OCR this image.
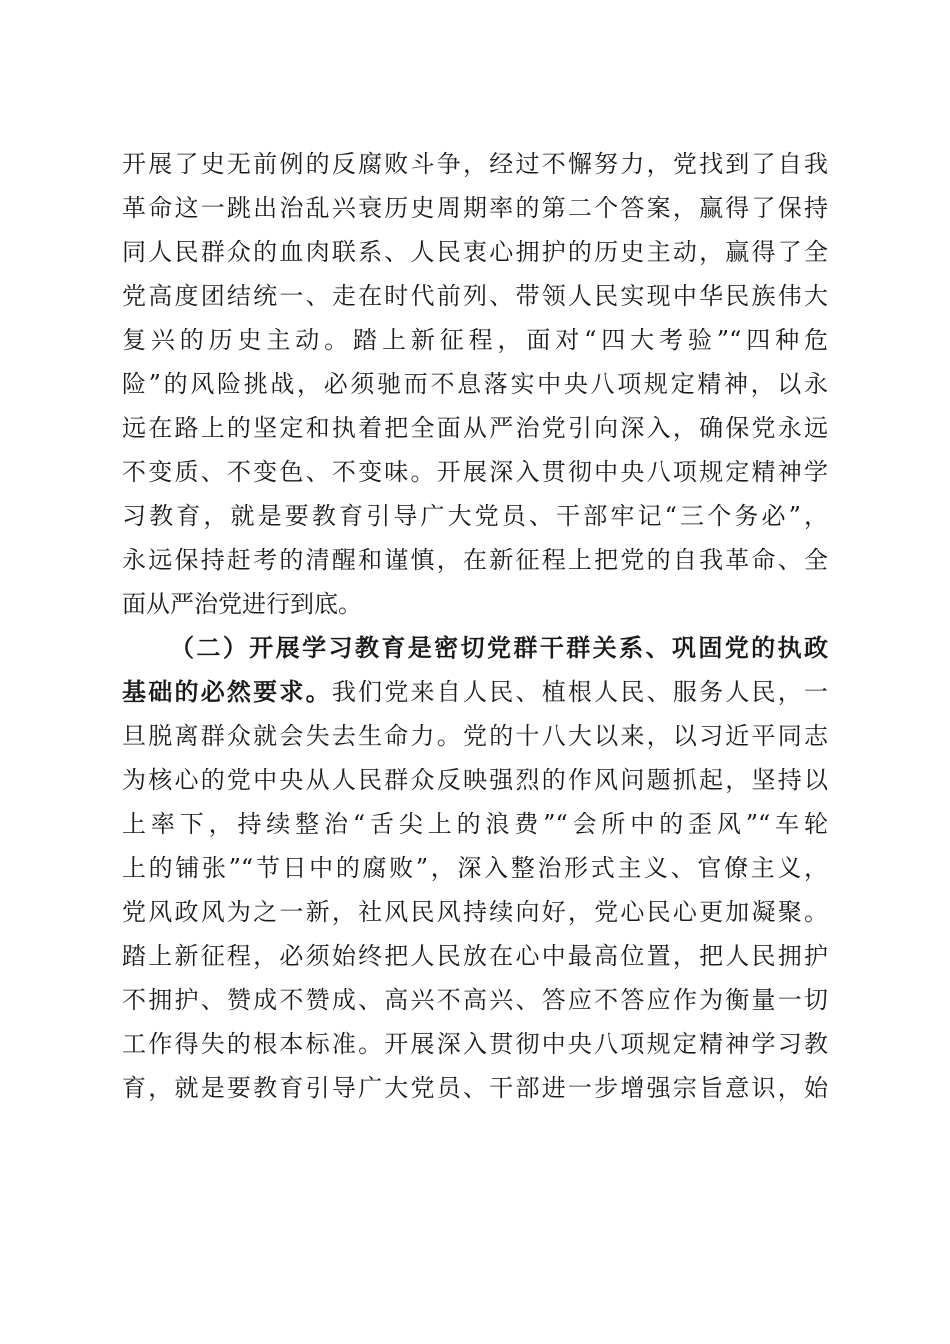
开展了史无前例的反腐败斗争，经过不懈努力，党找到了自我
革命这一跳出治乱兴衰历史周期率的第二个答案，赢得了保持
同人民群众的血肉联系、人民衷心拥护的历史主动，赢得了全
党高度团结统一、走在时代前列、带领人民实现中华民族伟大
复兴的历史主动。踏上新征程，面对“四大考验”“四种危
险”的风险挑战，必须驰而不息落实中央八项规定精神，以永
远在路上的坚定和执着把全面从严治党引向深入，确保党永远
不变质、不变色、不变味。开展深入贯彻中央八项规定精神学
习教育，就是要教育引导广大党员、干部牢记“三个务必”，
永远保持赶考的清醒和谨慎，在新征程上把党的自我革命、全
面从严治党进行到底。
（二）开展学习教育是密切党群干群关系、巩固党的执政
基础的必然要求。我们党来自人民、植根人民、服务人民，一
旦脱离群众就会失去生命力。党的十八大以来，以习近平同志
为核心的党中央从人民群众反映强烈的作风问题抓起，坚持以
上率下，持续整治“舌尖上的浪费”“会所中的歪风”“车轮
上的铺张”“节日中的腐败”，深入整治形式主义、官僚主义，
党风政风为之一新，社风民风持续向好，党心民心更加凝聚。
踏上新征程，必须始终把人民放在心中最高位置，把人民拥护
不拥护、赞成不赞成、高兴不高兴、答应不答应作为衡量一切
工作得失的根本标准。开展深入贯彻中央八项规定精神学习教
育，就是要教育引导广大党员、干部进一步增强宗旨意识，始
